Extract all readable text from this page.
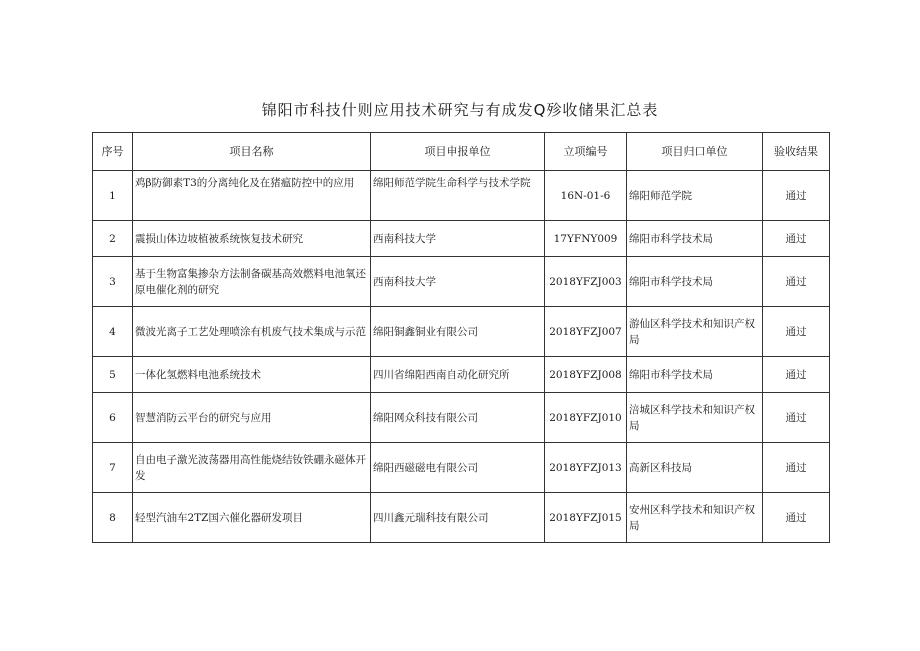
锦阳市科技什则应用技术研究与有成发Q殄收储果汇总表
序号	项目名称	项目申报单位	立项编号	项目归口单位	验收结果
1	鸡β防御素T3的分离纯化及在猪瘟防控中的应用	绵阳师范学院生命科学与技术学院	16N-01-6	绵阳师范学院	通过
2	震损山体边坡植被系统恢复技术研究	西南科技大学	17YFNY009	绵阳市科学技术局	通过
3	基于生物富集掺杂方法制备碳基高效燃料电池氧还原电催化剂的研究	西南科技大学	2018YFZJ003	绵阳市科学技术局	通过
4	微波光离子工艺处理喷涂有机废气技术集成与示范	绵阳铜鑫铜业有限公司	2018YFZJ007	游仙区科学技术和知识产权局	通过
5	一体化氢燃料电池系统技术	四川省绵阳西南自动化研究所	2018YFZJ008	绵阳市科学技术局	通过
6	智慧消防云平台的研究与应用	绵阳网众科技有限公司	2018YFZJ010	涪城区科学技术和知识产权局	通过
7	自由电子激光波荡器用高性能烧结钕铁硼永磁体开发	绵阳西磁磁电有限公司	2018YFZJ013	高新区科技局	通过
8	轻型汽油车2TZ国六催化器研发项目	四川鑫元瑞科技有限公司	2018YFZJ015	安州区科学技术和知识产权局	通过
